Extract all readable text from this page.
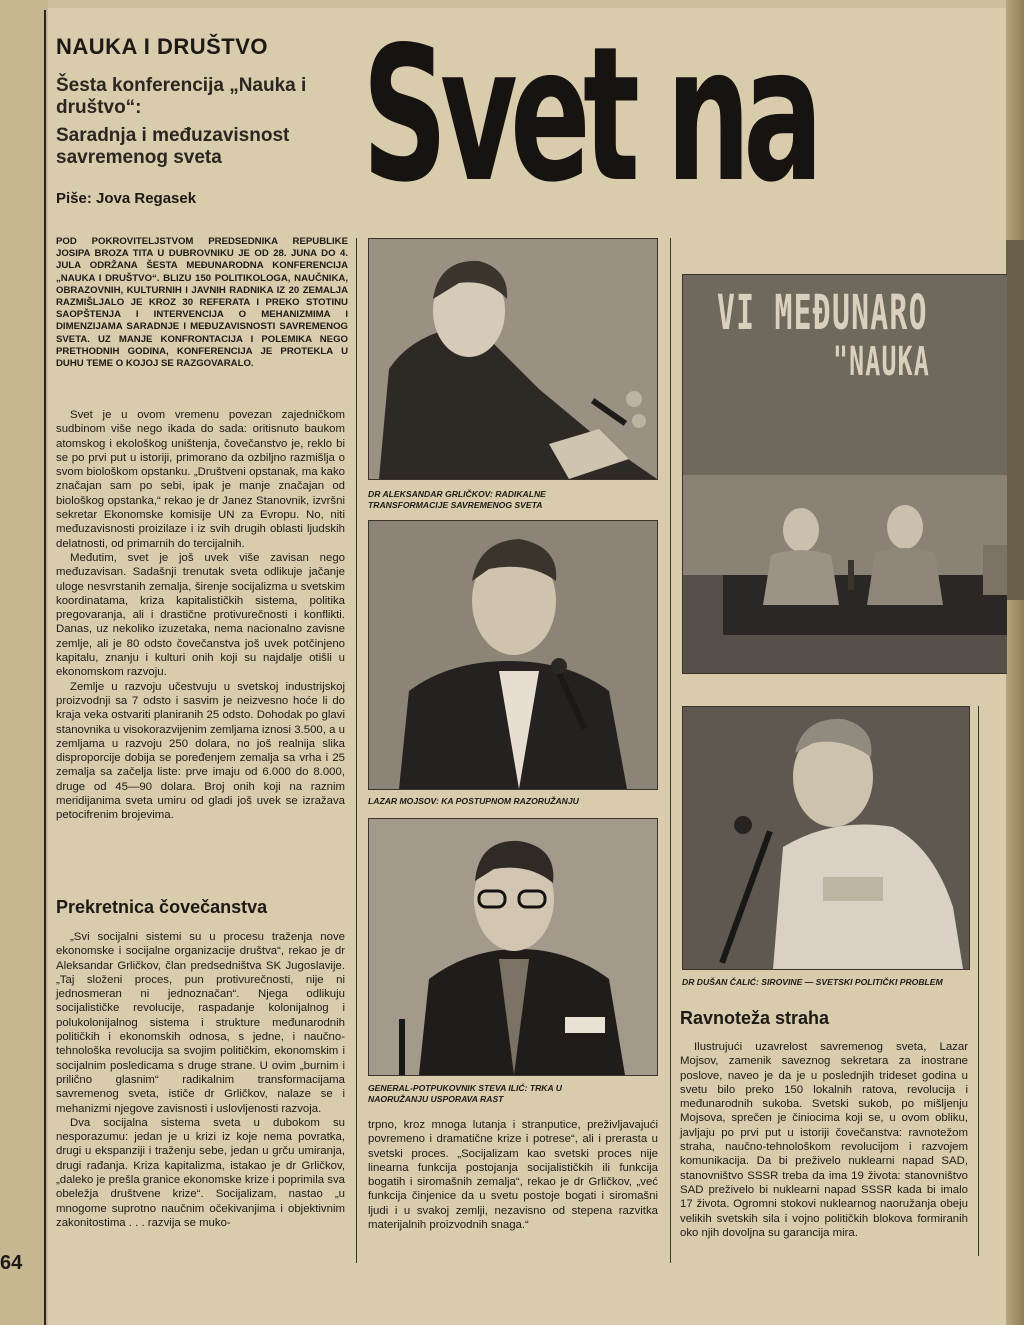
NAUKA I DRUŠTVO

Šesta konferencija „Nauka i društvo“:

Saradnja i međuzavisnost savremenog sveta

Piše: Jova Regasek Svet na
POD POKROVITELJSTVOM PREDSEDNIKA REPUBLIKE JOSIPA BROZA TITA U DUBROVNIKU JE OD 28. JUNA DO 4. JULA ODRŽANA ŠESTA MEĐUNARODNA KONFERENCIJA „NAUKA I DRUŠTVO“. BLIZU 150 POLITIKOLOGA, NAUČNIKA, OBRAZOVNIH, KULTURNIH I JAVNIH RADNIKA IZ 20 ZEMALJA RAZMIŠLJALO JE KROZ 30 REFERATA I PREKO STOTINU SAOPŠTENJA I INTERVENCIJA O MEHANIZMIMA I DIMENZIJAMA SARADNJE I MEĐUZAVISNOSTI SAVREMENOG SVETA. UZ MANJE KONFRONTACIJA I POLEMIKA NEGO PRETHODNIH GODINA, KONFERENCIJA JE PROTEKLA U DUHU TEME O KOJOJ SE RAZGOVARALO.

Svet je u ovom vremenu povezan zajedničkom sudbinom više nego ikada do sada: oritisnuto baukom atomskog i ekološkog uništenja, čovečanstvo je, reklo bi se po prvi put u istoriji, primorano da ozbiljno razmišlja o svom biološkom opstanku. „Društveni opstanak, ma kako značajan sam po sebi, ipak je manje značajan od biološkog opstanka,“ rekao je dr Janez Stanovnik, izvršni sekretar Ekonomske komisije UN za Evropu. No, niti međuzavisnosti proizilaze i iz svih drugih oblasti ljudskih delatnosti, od primarnih do tercijalnih.

Međutim, svet je još uvek više zavisan nego međuzavisan. Sadašnji trenutak sveta odlikuje jačanje uloge nesvrstanih zemalja, širenje socijalizma u svetskim koordinatama, kriza kapitalističkih sistema, politika pregovaranja, ali i drastične protivurečnosti i konflikti. Danas, uz nekoliko izuzetaka, nema nacionalno zavisne zemlje, ali je 80 odsto čovečanstva još uvek potčinjeno kapitalu, znanju i kulturi onih koji su najdalje otišli u ekonomskom razvoju.

Zemlje u razvoju učestvuju u svetskoj industrijskoj proizvodnji sa 7 odsto i sasvim je neizvesno hoće li do kraja veka ostvariti planiranih 25 odsto. Dohodak po glavi stanovnika u visokorazvijenim zemljama iznosi 3.500, a u zemljama u razvoju 250 dolara, no još realnija slika disproporcije dobija se poređenjem zemalja sa vrha i 25 zemalja sa začelja liste: prve imaju od 6.000 do 8.000, druge od 45—90 dolara. Broj onih koji na raznim meridijanima sveta umiru od gladi još uvek se izražava petocifrenim brojevima.

Prekretnica čovečanstva

„Svi socijalni sistemi su u procesu traženja nove ekonomske i socijalne organizacije društva“, rekao je dr Aleksandar Grličkov, član predsedništva SK Jugoslavije. „Taj složeni proces, pun protivurečnosti, nije ni jednosmeran ni jednoznačan“. Njega odlikuju socijalističke revolucije, raspadanje kolonijalnog i polukolonijalnog sistema i strukture međunarodnih političkih i ekonomskih odnosa, s jedne, i naučno-tehnološka revolucija sa svojim političkim, ekonomskim i socijalnim posledicama s druge strane. U ovim „burnim i prilično glasnim“ radikalnim transformacijama savremenog sveta, ističe dr Grličkov, nalaze se i mehanizmi njegove zavisnosti i uslovljenosti razvoja.

Dva socijalna sistema sveta u dubokom su nesporazumu: jedan je u krizi iz koje nema povratka, drugi u ekspanziji i traženju sebe, jedan u grču umiranja, drugi rađanja. Kriza kapitalizma, istakao je dr Grličkov, „daleko je prešla granice ekonomske krize i poprimila sva obeležja društvene krize“. Socijalizam, nastao „u mnogome suprotno naučnim očekivanjima i objektivnim zakonitostima . . . razvija se muko-

DR ALEKSANDAR GRLIČKOV: RADIKALNE TRANSFORMACIJE SAVREMENOG SVETA
LAZAR MOJSOV: KA POSTUPNOM RAZORUŽANJU
GENERAL-POTPUKOVNIK STEVA ILIĆ: TRKA U NAORUŽANJU USPORAVA RAST
VI MEĐUNARO
"NAUKA
DR DUŠAN ČALIĆ: SIROVINE — SVETSKI POLITIČKI PROBLEM

trpno, kroz mnoga lutanja i stranputice, preživljavajući povremeno i dramatične krize i potrese“, ali i prerasta u svetski proces. „Socijalizam kao svetski proces nije linearna funkcija postojanja socijalističkih ili funkcija bogatih i siromašnih zemalja“, rekao je dr Grličkov, „već funkcija činjenice da u svetu postoje bogati i siromašni ljudi i u svakoj zemlji, nezavisno od stepena razvitka materijalnih proizvodnih snaga.“

Ravnoteža straha

Ilustrujući uzavrelost savremenog sveta, Lazar Mojsov, zamenik saveznog sekretara za inostrane poslove, naveo je da je u poslednjih trideset godina u svetu bilo preko 150 lokalnih ratova, revolucija i međunarodnih sukoba. Svetski sukob, po mišljenju Mojsova, sprečen je činiocima koji se, u ovom obliku, javljaju po prvi put u istoriji čovečanstva: ravnotežom straha, naučno-tehnološkom revolucijom i razvojem komunikacija. Da bi preživelo nuklearni napad SAD, stanovništvo SSSR treba da ima 19 života: stanovništvo SAD preživelo bi nuklearni napad SSSR kada bi imalo 17 života. Ogromni stokovi nuklearnog naoružanja obeju velikih svetskih sila i vojno političkih blokova formiranih oko njih dovoljna su garancija mira.

64
